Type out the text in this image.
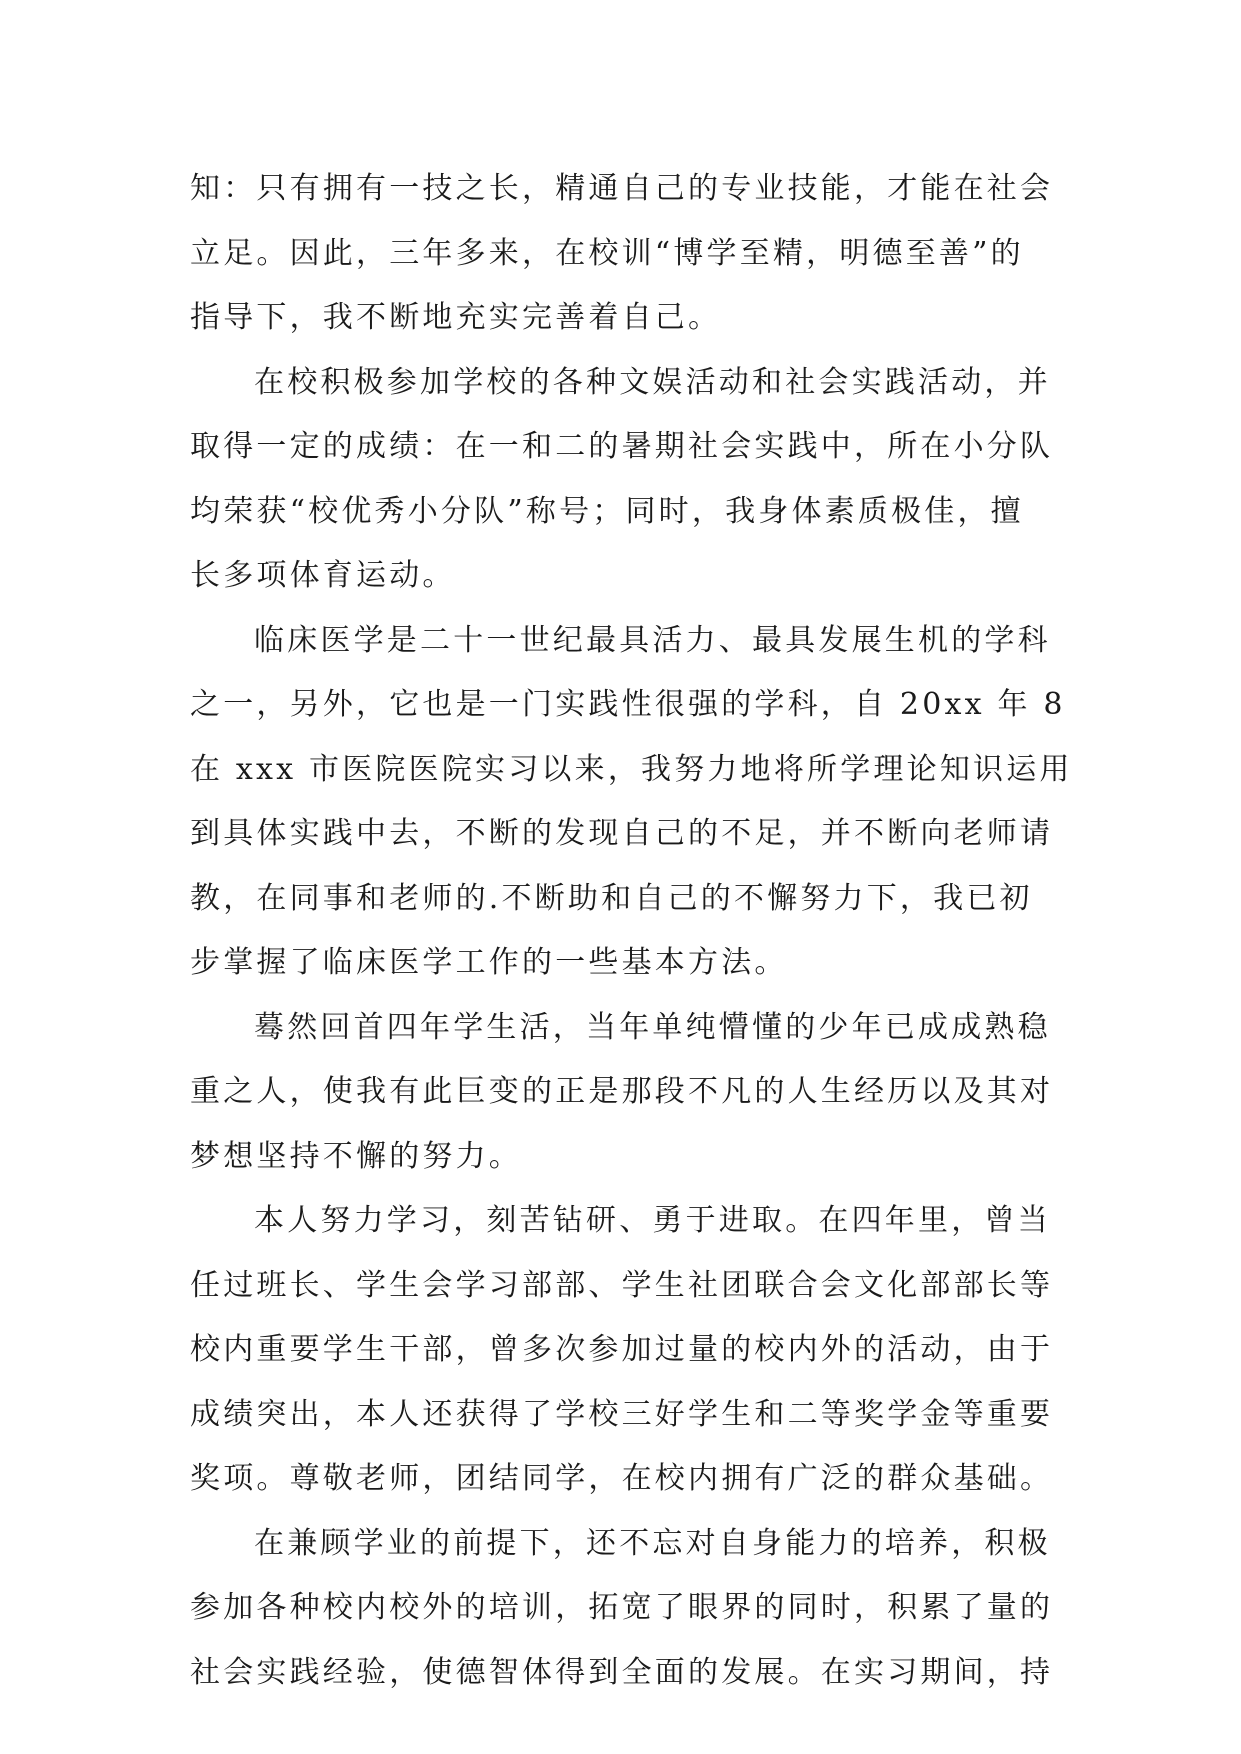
知：只有拥有一技之长，精通自己的专业技能，才能在社会
立足。因此，三年多来，在校训“博学至精，明德至善”的
指导下，我不断地充实完善着自己。
在校积极参加学校的各种文娱活动和社会实践活动，并
取得一定的成绩：在一和二的暑期社会实践中，所在小分队
均荣获“校优秀小分队”称号；同时，我身体素质极佳，擅
长多项体育运动。
临床医学是二十一世纪最具活力、最具发展生机的学科
之一，另外，它也是一门实践性很强的学科，自 20xx 年 8
在 xxx 市医院医院实习以来，我努力地将所学理论知识运用
到具体实践中去，不断的发现自己的不足，并不断向老师请
教，在同事和老师的.不断助和自己的不懈努力下，我已初
步掌握了临床医学工作的一些基本方法。
蓦然回首四年学生活，当年单纯懵懂的少年已成成熟稳
重之人，使我有此巨变的正是那段不凡的人生经历以及其对
梦想坚持不懈的努力。
本人努力学习，刻苦钻研、勇于进取。在四年里，曾当
任过班长、学生会学习部部、学生社团联合会文化部部长等
校内重要学生干部，曾多次参加过量的校内外的活动，由于
成绩突出，本人还获得了学校三好学生和二等奖学金等重要
奖项。尊敬老师，团结同学，在校内拥有广泛的群众基础。
在兼顾学业的前提下，还不忘对自身能力的培养，积极
参加各种校内校外的培训，拓宽了眼界的同时，积累了量的
社会实践经验，使德智体得到全面的发展。在实习期间，持
